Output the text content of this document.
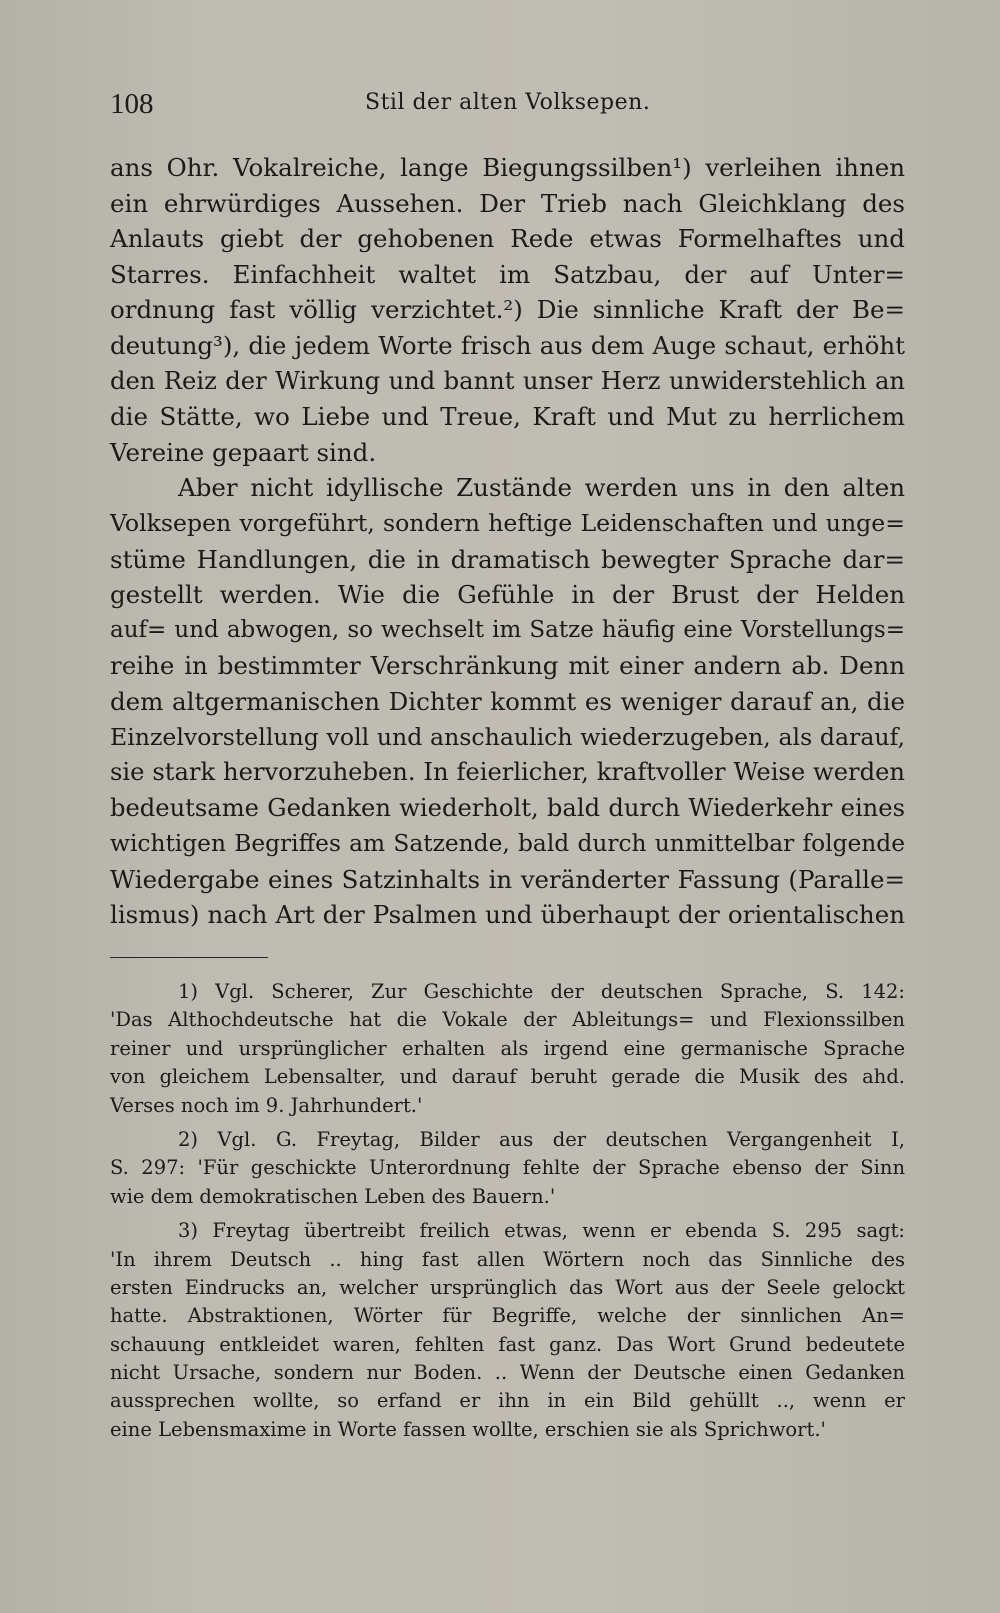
108	Stil der alten Volksepen.
ans Ohr. Vokalreiche, lange Biegungssilben¹) verleihen ihnen
ein ehrwürdiges Aussehen. Der Trieb nach Gleichklang des
Anlauts giebt der gehobenen Rede etwas Formelhaftes und
Starres. Einfachheit waltet im Satzbau, der auf Unter=
ordnung fast völlig verzichtet.²) Die sinnliche Kraft der Be=
deutung³), die jedem Worte frisch aus dem Auge schaut, erhöht
den Reiz der Wirkung und bannt unser Herz unwiderstehlich an
die Stätte, wo Liebe und Treue, Kraft und Mut zu herrlichem
Vereine gepaart sind.
Aber nicht idyllische Zustände werden uns in den alten
Volksepen vorgeführt, sondern heftige Leidenschaften und unge=
stüme Handlungen, die in dramatisch bewegter Sprache dar=
gestellt werden. Wie die Gefühle in der Brust der Helden
auf= und abwogen, so wechselt im Satze häufig eine Vorstellungs=
reihe in bestimmter Verschränkung mit einer andern ab. Denn
dem altgermanischen Dichter kommt es weniger darauf an, die
Einzelvorstellung voll und anschaulich wiederzugeben, als darauf,
sie stark hervorzuheben. In feierlicher, kraftvoller Weise werden
bedeutsame Gedanken wiederholt, bald durch Wiederkehr eines
wichtigen Begriffes am Satzende, bald durch unmittelbar folgende
Wiedergabe eines Satzinhalts in veränderter Fassung (Paralle=
lismus) nach Art der Psalmen und überhaupt der orientalischen
1) Vgl. Scherer, Zur Geschichte der deutschen Sprache, S. 142:
'Das Althochdeutsche hat die Vokale der Ableitungs= und Flexionssilben
reiner und ursprünglicher erhalten als irgend eine germanische Sprache
von gleichem Lebensalter, und darauf beruht gerade die Musik des ahd.
Verses noch im 9. Jahrhundert.'
2) Vgl. G. Freytag, Bilder aus der deutschen Vergangenheit I,
S. 297: 'Für geschickte Unterordnung fehlte der Sprache ebenso der Sinn
wie dem demokratischen Leben des Bauern.'
3) Freytag übertreibt freilich etwas, wenn er ebenda S. 295 sagt:
'In ihrem Deutsch .. hing fast allen Wörtern noch das Sinnliche des
ersten Eindrucks an, welcher ursprünglich das Wort aus der Seele gelockt
hatte. Abstraktionen, Wörter für Begriffe, welche der sinnlichen An=
schauung entkleidet waren, fehlten fast ganz. Das Wort Grund bedeutete
nicht Ursache, sondern nur Boden. .. Wenn der Deutsche einen Gedanken
aussprechen wollte, so erfand er ihn in ein Bild gehüllt .., wenn er
eine Lebensmaxime in Worte fassen wollte, erschien sie als Sprichwort.'
